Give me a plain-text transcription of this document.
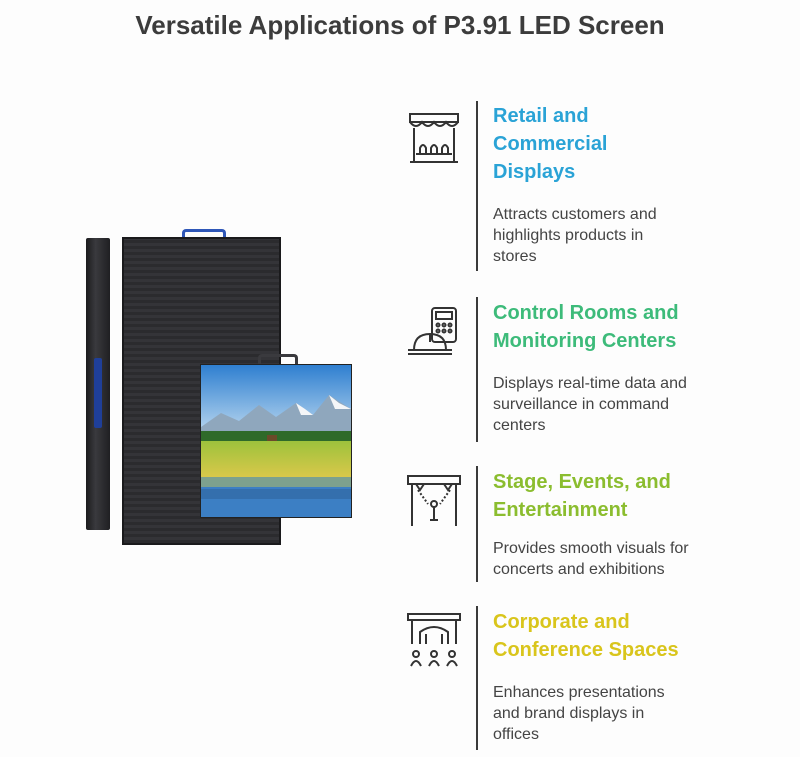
Versatile Applications of P3.91 LED Screen
Retail and
Commercial
Displays
Attracts customers and
highlights products in
stores
Control Rooms and
Monitoring Centers
Displays real-time data and
surveillance in command
centers
Stage, Events, and
Entertainment
Provides smooth visuals for
concerts and exhibitions
Corporate and
Conference Spaces
Enhances presentations
and brand displays in
offices
